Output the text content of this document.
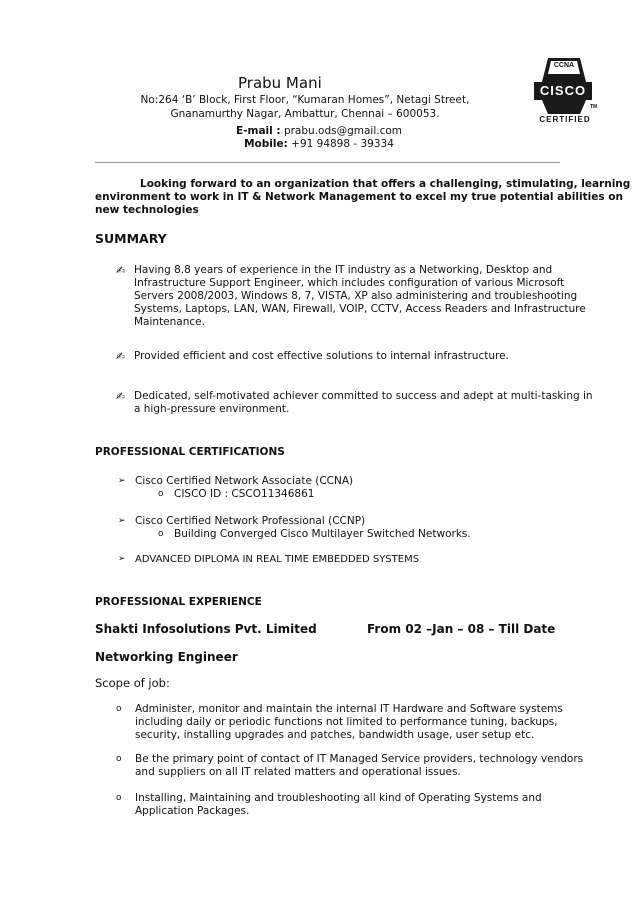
Prabu Mani
No:264 ‘B’ Block, First Floor, “Kumaran Homes”, Netagi Street,
Gnanamurthy Nagar, Ambattur, Chennai – 600053.
E-mail : prabu.ods@gmail.com
Mobile: +91 94898 - 39334
CCNA
CISCO
TM
CERTIFIED
Looking forward to an organization that offers a challenging, stimulating, learning
environment to work in IT & Network Management to excel my true potential abilities on
new technologies
SUMMARY
✍ Having 8.8 years of experience in the IT industry as a Networking, Desktop and
Infrastructure Support Engineer, which includes configuration of various Microsoft
Servers 2008/2003, Windows 8, 7, VISTA, XP also administering and troubleshooting
Systems, Laptops, LAN, WAN, Firewall, VOIP, CCTV, Access Readers and Infrastructure
Maintenance.
✍ Provided efficient and cost effective solutions to internal infrastructure.
✍ Dedicated, self-motivated achiever committed to success and adept at multi-tasking in
a high-pressure environment.
PROFESSIONAL CERTIFICATIONS
➢ Cisco Certified Network Associate (CCNA)
o CISCO ID : CSCO11346861
➢ Cisco Certified Network Professional (CCNP)
o Building Converged Cisco Multilayer Switched Networks.
➢ ADVANCED DIPLOMA IN REAL TIME EMBEDDED SYSTEMS
PROFESSIONAL EXPERIENCE
Shakti Infosolutions Pvt. Limited	From 02 –Jan – 08 – Till Date
Networking Engineer
Scope of job:
o Administer, monitor and maintain the internal IT Hardware and Software systems
including daily or periodic functions not limited to performance tuning, backups,
security, installing upgrades and patches, bandwidth usage, user setup etc.
o Be the primary point of contact of IT Managed Service providers, technology vendors
and suppliers on all IT related matters and operational issues.
o Installing, Maintaining and troubleshooting all kind of Operating Systems and
Application Packages.
